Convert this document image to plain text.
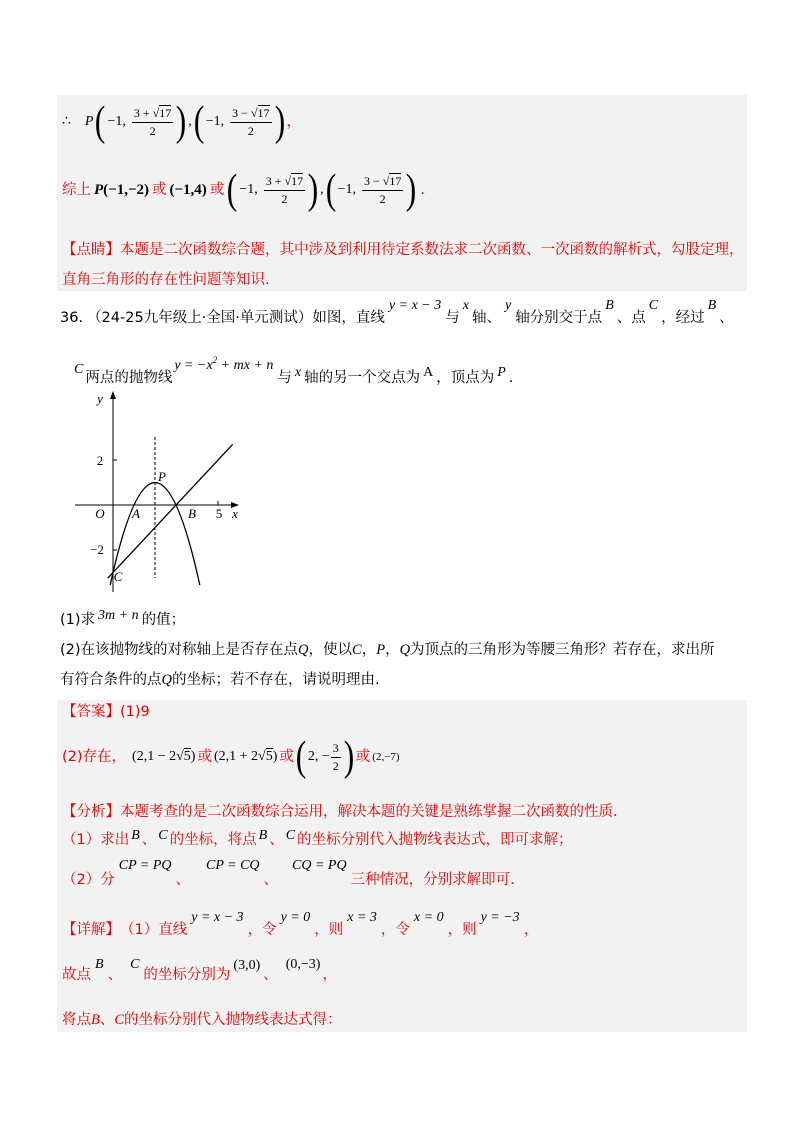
∴ P ( −1, $\frac{3 + √17}{2}$ ) , ( −1, $\frac{3 - √17}{2}$ ) ，
综上 P (−1,−2) 或 (−1,4) 或 ( −1, $\frac{3 + √17}{2}$ ) , ( −1, $\frac{3 - √17}{2}$ ) .
【点睛】 本题是二次函数综合题，其中涉及到利用待定系数法求二次函数、一次函数的解析式，勾股定理，
直角三角形的存在性问题等知识.
36. （24-25九年级上·全国·单元测试） 如图，直线
y = x − 3
与
x
轴、
y
轴分别交于点
B
、点
C
，经过
B
、
C
两点的抛物线
$y = -x^2$ + mx + n
与 x 轴的另一个交点为 A ，顶点为 P .
y
2
O A
P
B 5 x
−2
C
(1)求 3m + n 的值；
(2)在该抛物线的对称轴上是否存在点 Q ，使以 C ， P ， Q 为顶点的三角形为等腰三角形？若存在，求出所
有符合条件的点 Q 的坐标；若不存在，请说明理由.
【答案】 (1)9
(2)存在， (2,1 − 2√5) 或 (2,1 + 2√5) 或 ( 2, − $\frac{3}{2}$ ) 或 (2,−7)
【分析】 本题考查的是二次函数综合运用，解决本题的关键是熟练掌握二次函数的性质.
（1）求出 B 、 C 的坐标，将点 B 、 C 的坐标分别代入抛物线表达式，即可求解；
（2）分
CP = PQ
、
CP = CQ
、
CQ = PQ
三种情况，分别求解即可.
【详解】 （1）直线
y = x − 3
，令
y = 0
，则
x = 3
，令
x = 0
，则
y = −3
，
故点
B
、
C
的坐标分别为
(3,0)
、
(0,−3)
，
将点 B 、 C 的坐标分别代入抛物线表达式得：
